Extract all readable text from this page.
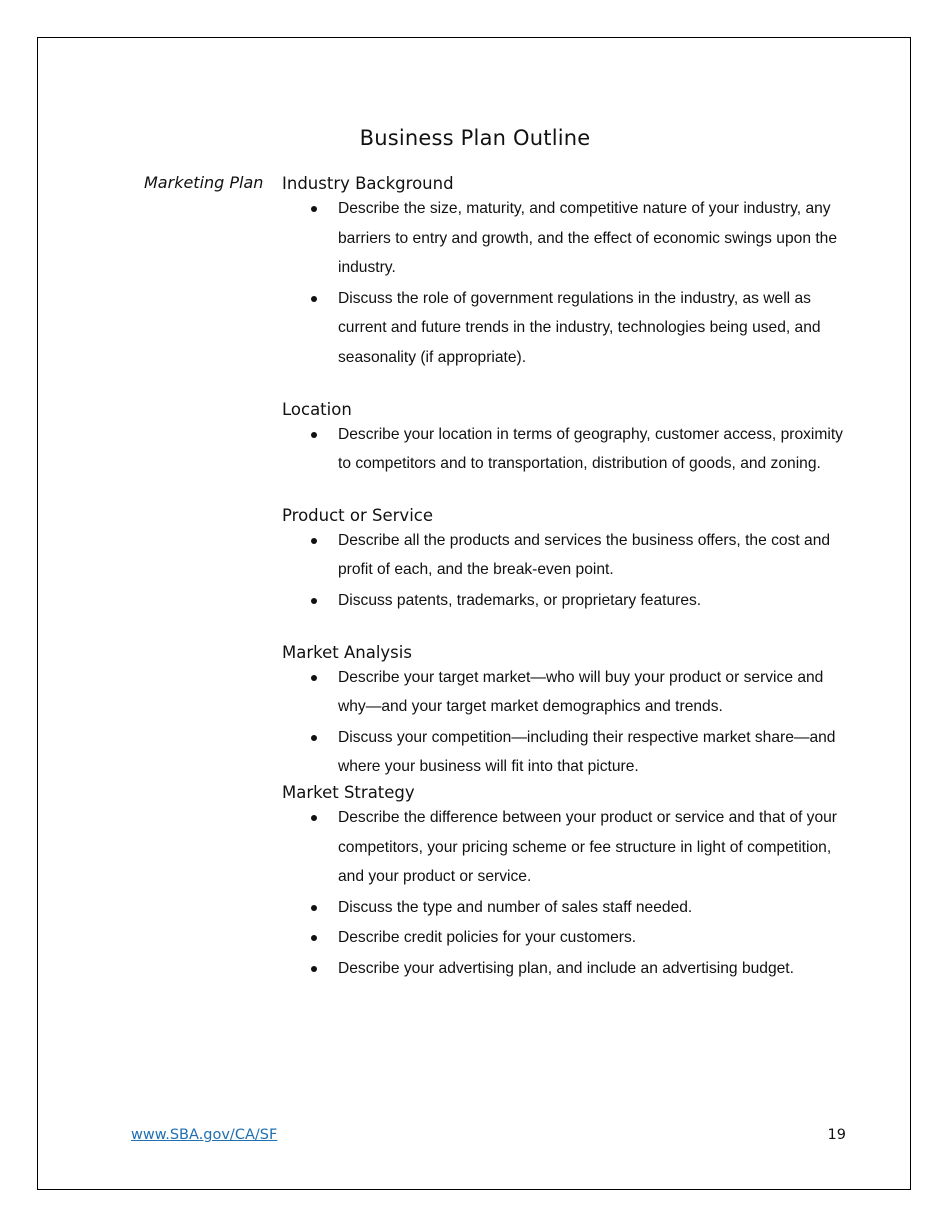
Business Plan Outline
Marketing Plan Industry Background
Describe the size, maturity, and competitive nature of your industry, any barriers to entry and growth, and the effect of economic swings upon the industry.
Discuss the role of government regulations in the industry, as well as current and future trends in the industry, technologies being used, and seasonality (if appropriate).
Location
Describe your location in terms of geography, customer access, proximity to competitors and to transportation, distribution of goods, and zoning.
Product or Service
Describe all the products and services the business offers, the cost and profit of each, and the break-even point.
Discuss patents, trademarks, or proprietary features.
Market Analysis
Describe your target market—who will buy your product or service and why—and your target market demographics and trends.
Discuss your competition—including their respective market share—and where your business will fit into that picture.
Market Strategy
Describe the difference between your product or service and that of your competitors, your pricing scheme or fee structure in light of competition, and your product or service.
Discuss the type and number of sales staff needed.
Describe credit policies for your customers.
Describe your advertising plan, and include an advertising budget.
www.SBA.gov/CA/SF	19
